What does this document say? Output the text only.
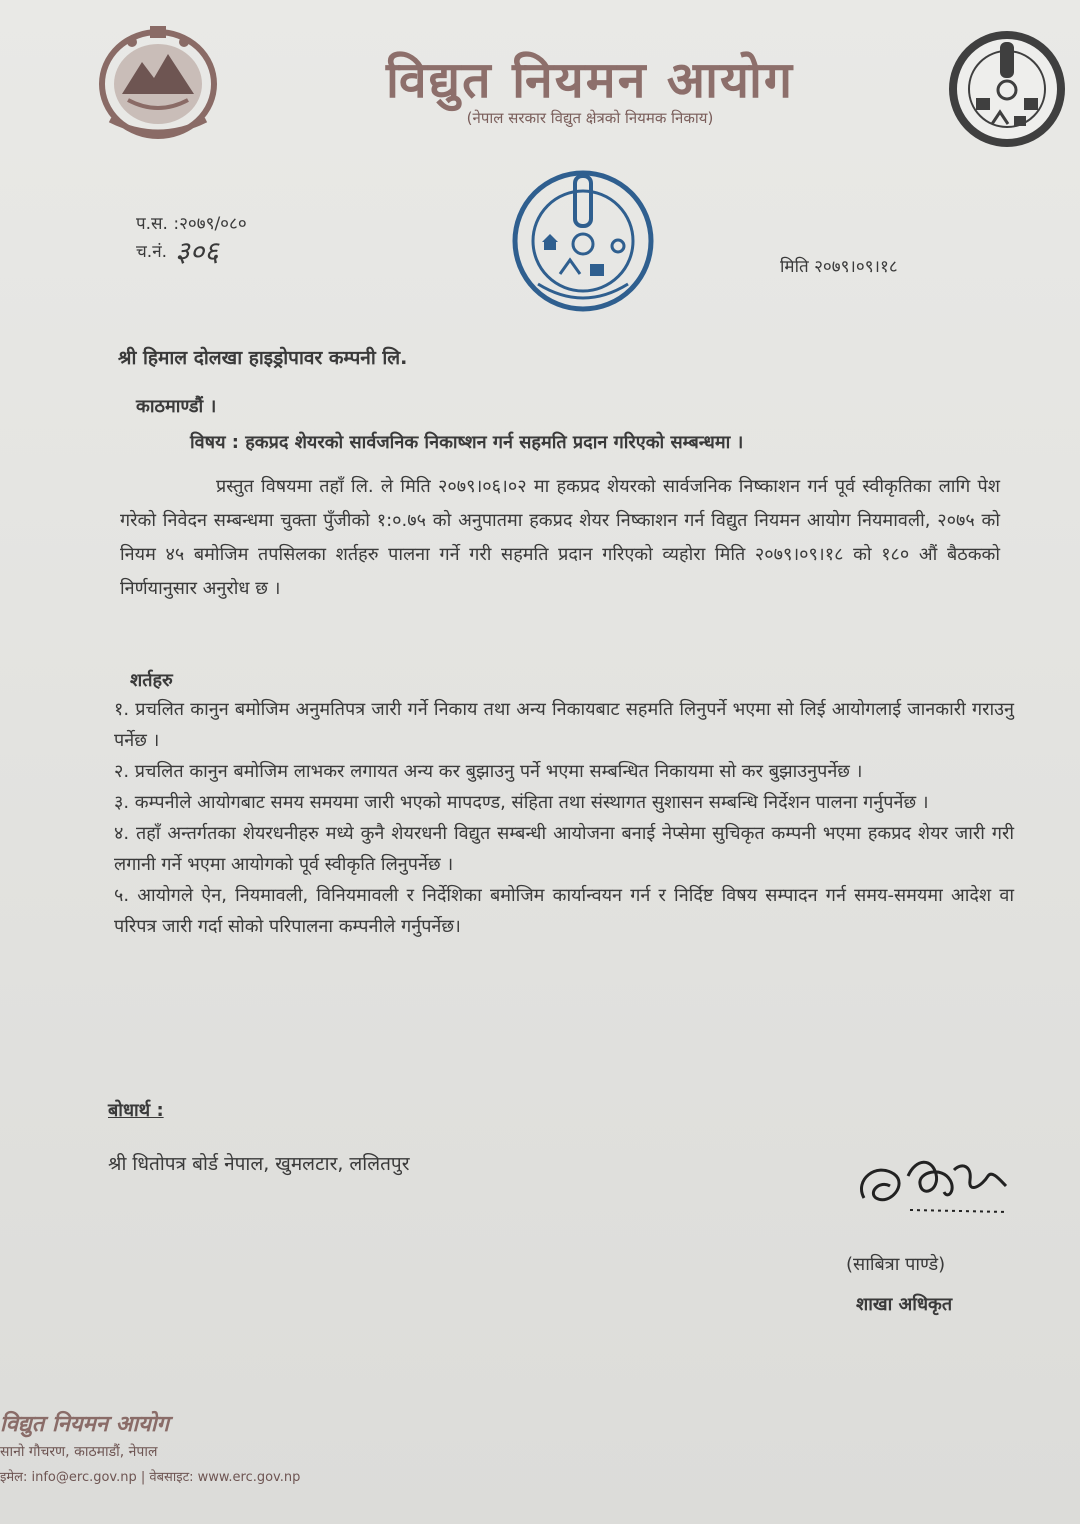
विद्युत नियमन आयोग
(नेपाल सरकार विद्युत क्षेत्रको नियमक निकाय)
प.स. :२०७९/०८०
च.नं. ३०६	मिति २०७९।०९।१८
श्री हिमाल दोलखा हाइड्रोपावर कम्पनी लि.
काठमाण्डौं ।
विषय : हकप्रद शेयरको सार्वजनिक निकाष्शन गर्न सहमति प्रदान गरिएको सम्बन्धमा ।
प्रस्तुत विषयमा तहाँ लि. ले मिति २०७९।०६।०२ मा हकप्रद शेयरको सार्वजनिक निष्काशन गर्न पूर्व स्वीकृतिका लागि पेश गरेको निवेदन सम्बन्धमा चुक्ता पुँजीको १:०.७५ को अनुपातमा हकप्रद शेयर निष्काशन गर्न विद्युत नियमन आयोग नियमावली, २०७५ को नियम ४५ बमोजिम तपसिलका शर्तहरु पालना गर्ने गरी सहमति प्रदान गरिएको व्यहोरा मिति २०७९।०९।१८ को १८० औं बैठकको निर्णयानुसार अनुरोध छ ।
शर्तहरु
१. प्रचलित कानुन बमोजिम अनुमतिपत्र जारी गर्ने निकाय तथा अन्य निकायबाट सहमति लिनुपर्ने भएमा सो लिई आयोगलाई जानकारी गराउनु पर्नेछ ।
२. प्रचलित कानुन बमोजिम लाभकर लगायत अन्य कर बुझाउनु पर्ने भएमा सम्बन्धित निकायमा सो कर बुझाउनुपर्नेछ ।
३. कम्पनीले आयोगबाट समय समयमा जारी भएको मापदण्ड, संहिता तथा संस्थागत सुशासन सम्बन्धि निर्देशन पालना गर्नुपर्नेछ ।
४. तहाँ अन्तर्गतका शेयरधनीहरु मध्ये कुनै शेयरधनी विद्युत सम्बन्धी आयोजना बनाई नेप्सेमा सुचिकृत कम्पनी भएमा हकप्रद शेयर जारी गरी लगानी गर्ने भएमा आयोगको पूर्व स्वीकृति लिनुपर्नेछ ।
५. आयोगले ऐन, नियमावली, विनियमावली र निर्देशिका बमोजिम कार्यान्वयन गर्न र निर्दिष्ट विषय सम्पादन गर्न समय-समयमा आदेश वा परिपत्र जारी गर्दा सोको परिपालना कम्पनीले गर्नुपर्नेछ।
बोधार्थ :
श्री धितोपत्र बोर्ड नेपाल, खुमलटार, ललितपुर
(साबित्रा पाण्डे)
शाखा अधिकृत
विद्युत नियमन आयोग
सानो गौचरण, काठमाडौं, नेपाल
इमेल: info@erc.gov.np | वेबसाइट: www.erc.gov.np
